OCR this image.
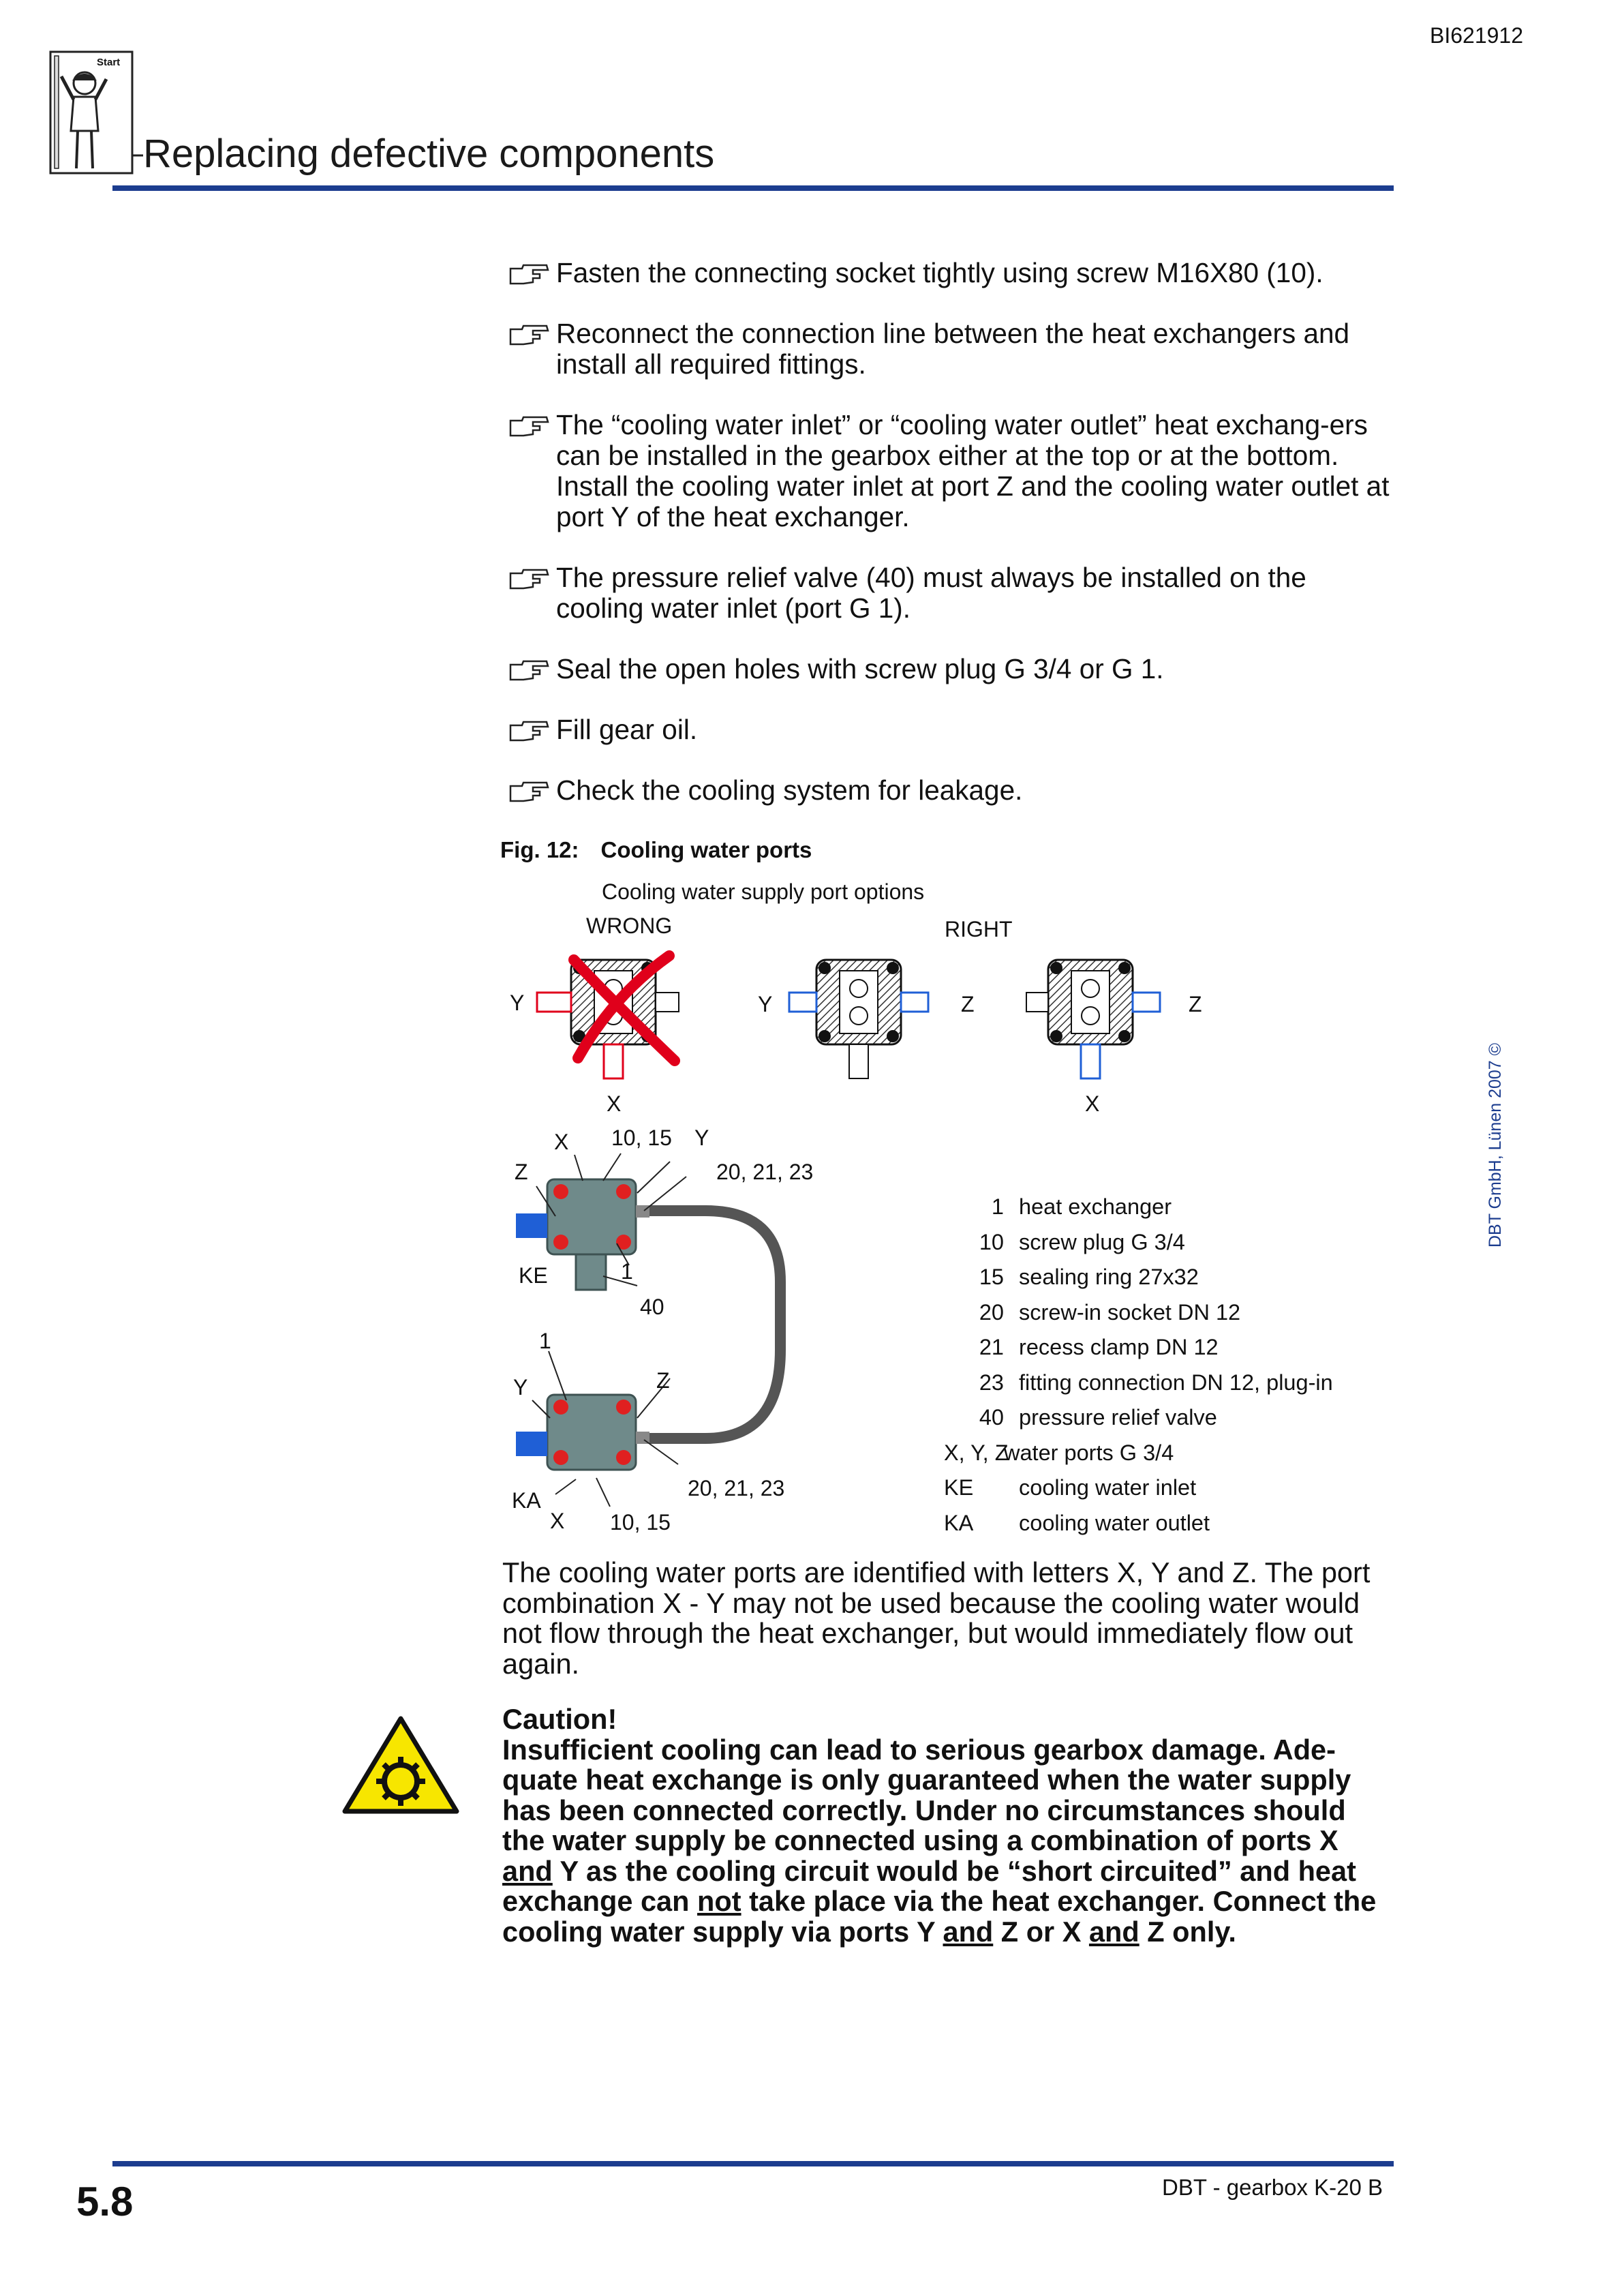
BI621912
Start
Replacing defective components
Fasten the connecting socket tightly using screw M16X80 (10).
Reconnect the connection line between the heat exchangers and install all required fittings.
The “cooling water inlet” or “cooling water outlet” heat exchang-ers can be installed in the gearbox either at the top or at the bottom. Install the cooling water inlet at port Z and the cooling water outlet at port Y of the heat exchanger.
The pressure relief valve (40) must always be installed on the cooling water inlet (port G 1).
Seal the open holes with screw plug G 3/4 or G 1.
Fill gear oil.
Check the cooling system for leakage.
Fig. 12: Cooling water ports
Cooling water supply port options
WRONG	RIGHT
Y
X
Y	Z	Z
X
Z
X 10, 15 Y
20, 21, 23
1
KE
40
1
Y	Z
KA	20, 21, 23
X 10, 15
1 heat exchanger
10 screw plug G 3/4
15 sealing ring 27x32
20 screw-in socket DN 12
21 recess clamp DN 12
23 fitting connection DN 12, plug-in
40 pressure relief valve
X, Y, Z
water ports G 3/4
KE	cooling water inlet
KA	cooling water outlet
The cooling water ports are identified with letters X, Y and Z. The port combination X - Y may not be used because the cooling water would not flow through the heat exchanger, but would immediately flow out again.
Caution!
Insufficient cooling can lead to serious gearbox damage. Ade-quate heat exchange is only guaranteed when the water supply has been connected correctly. Under no circumstances should the water supply be connected using a combination of ports X and Y as the cooling circuit would be “short circuited” and heat exchange can not take place via the heat exchanger. Connect the cooling water supply via ports Y and Z or X and Z only.
DBT GmbH, Lünen 2007 ©
5.8	DBT - gearbox K-20 B
